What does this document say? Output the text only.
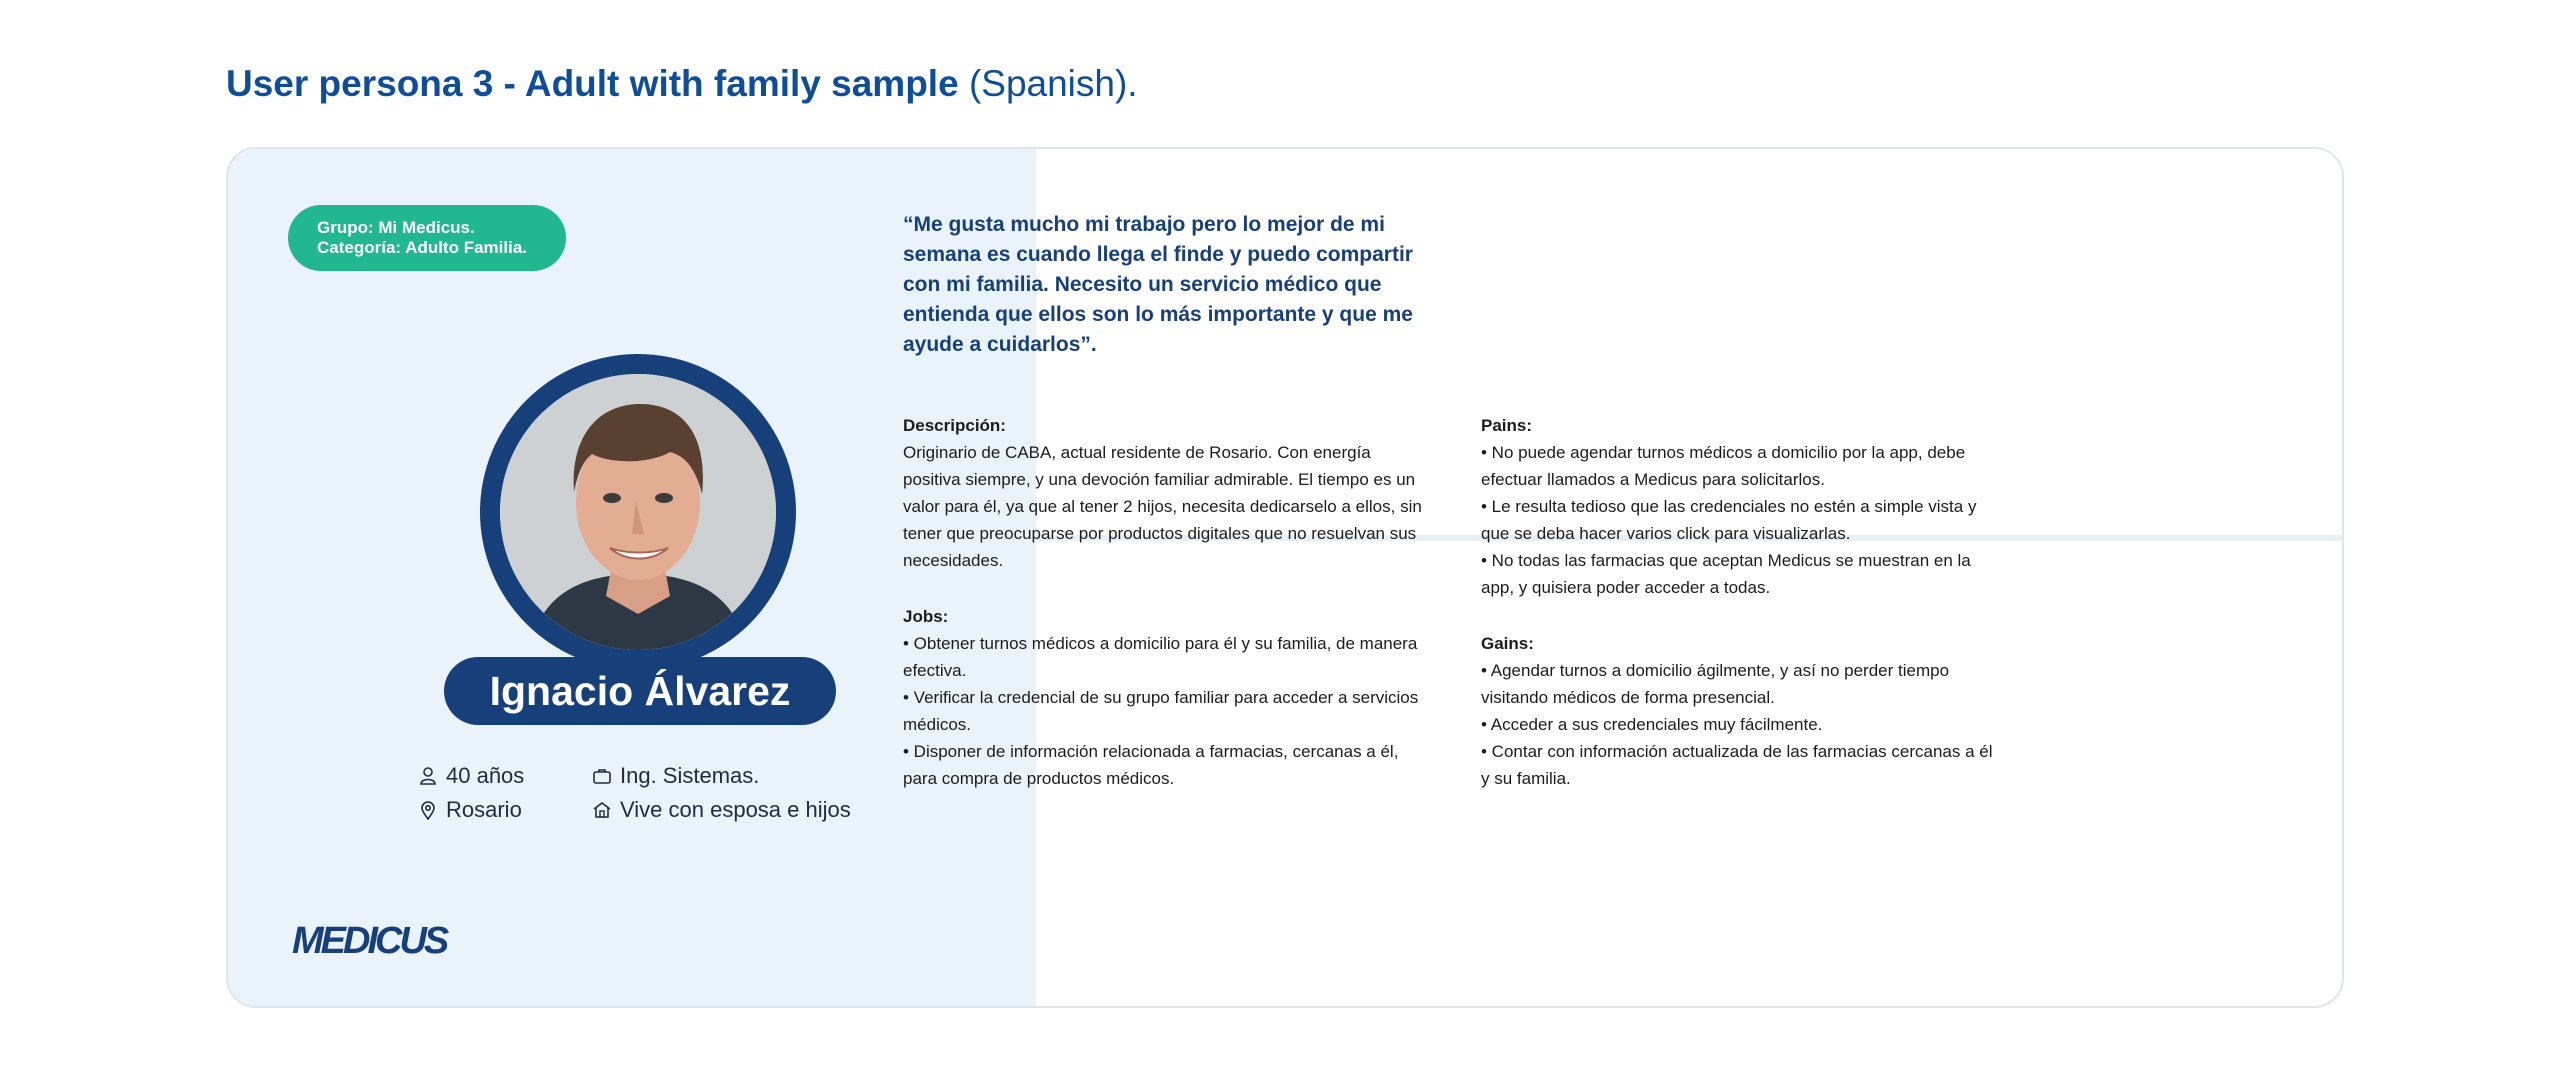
User persona 3 - Adult with family sample (Spanish).
Grupo: Mi Medicus.
Categoría: Adulto Familia.
Ignacio Álvarez
40 años
Rosario
Ing. Sistemas.
Vive con esposa e hijos
MEDICUS
“Me gusta mucho mi trabajo pero lo mejor de mi semana es cuando llega el finde y puedo compartir con mi familia. Necesito un servicio médico que entienda que ellos son lo más importante y que me ayude a cuidarlos”.
Descripción:
Originario de CABA, actual residente de Rosario. Con energía positiva siempre, y una devoción familiar admirable. El tiempo es un valor para él, ya que al tener 2 hijos, necesita dedicarselo a ellos, sin tener que preocuparse por productos digitales que no resuelvan sus necesidades.
Jobs:
• Obtener turnos médicos a domicilio para él y su familia, de manera efectiva.
• Verificar la credencial de su grupo familiar para acceder a servicios médicos.
• Disponer de información relacionada a farmacias, cercanas a él, para compra de productos médicos.
Pains:
• No puede agendar turnos médicos a domicilio por la app, debe efectuar llamados a Medicus para solicitarlos.
• Le resulta tedioso que las credenciales no estén a simple vista y que se deba hacer varios click para visualizarlas.
• No todas las farmacias que aceptan Medicus se muestran en la app, y quisiera poder acceder a todas.
Gains:
• Agendar turnos a domicilio ágilmente, y así no perder tiempo visitando médicos de forma presencial.
• Acceder a sus credenciales muy fácilmente.
• Contar con información actualizada de las farmacias cercanas a él y su familia.
